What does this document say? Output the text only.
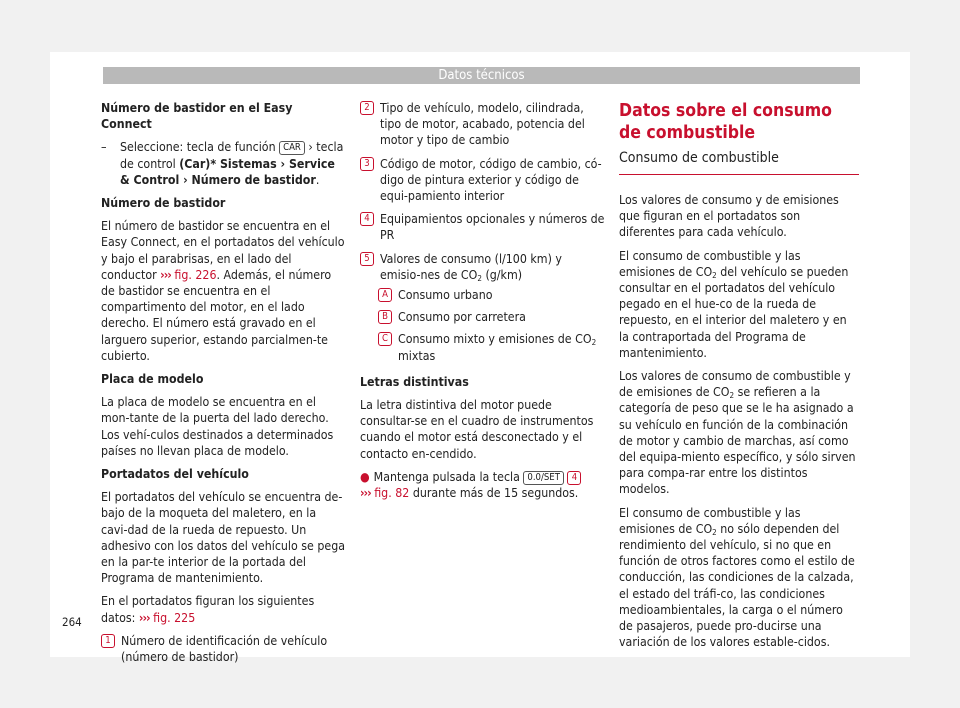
Datos técnicos

Número de bastidor en el Easy Connect

– Seleccione: tecla de función CAR › tecla de control (Car)* Sistemas › Service & Control › Número de bastidor.

Número de bastidor

El número de bastidor se encuentra en el Easy Connect, en el portadatos del vehículo y bajo el parabrisas, en el lado del conductor ››› fig. 226. Además, el número de bastidor se encuentra en el compartimento del motor, en el lado derecho. El número está gravado en el larguero superior, estando parcialmen-te cubierto.

Placa de modelo

La placa de modelo se encuentra en el mon-tante de la puerta del lado derecho. Los vehí-culos destinados a determinados países no llevan placa de modelo.

Portadatos del vehículo

El portadatos del vehículo se encuentra de-bajo de la moqueta del maletero, en la cavi-dad de la rueda de repuesto. Un adhesivo con los datos del vehículo se pega en la par-te interior de la portada del Programa de mantenimiento.

En el portadatos figuran los siguientes datos: ››› fig. 225

1 Número de identificación de vehículo (número de bastidor)
2 Tipo de vehículo, modelo, cilindrada, tipo de motor, acabado, potencia del motor y tipo de cambio
3 Código de motor, código de cambio, có-digo de pintura exterior y código de equi-pamiento interior
4 Equipamientos opcionales y números de PR
5 Valores de consumo (l/100 km) y emisio-nes de $CO_2$ (g/km)
A Consumo urbano
B Consumo por carretera
C Consumo mixto y emisiones de $CO_2$ mixtas

Letras distintivas

La letra distintiva del motor puede consultar-se en el cuadro de instrumentos cuando el motor está desconectado y el contacto en-cendido.

● Mantenga pulsada la tecla 0.0/SET 4
››› fig. 82 durante más de 15 segundos.

Datos sobre el consumo de combustible
Consumo de combustible

Los valores de consumo y de emisiones que figuran en el portadatos son diferentes para cada vehículo.

El consumo de combustible y las emisiones de $CO_2$ del vehículo se pueden consultar en el portadatos del vehículo pegado en el hue-co de la rueda de repuesto, en el interior del maletero y en la contraportada del Programa de mantenimiento.

Los valores de consumo de combustible y de emisiones de $CO_2$ se refieren a la categoría de peso que se le ha asignado a su vehículo en función de la combinación de motor y cambio de marchas, así como del equipa-miento específico, y sólo sirven para compa-rar entre los distintos modelos.

El consumo de combustible y las emisiones de $CO_2$ no sólo dependen del rendimiento del vehículo, si no que en función de otros factores como el estilo de conducción, las condiciones de la calzada, el estado del tráfi-co, las condiciones medioambientales, la carga o el número de pasajeros, puede pro-ducirse una variación de los valores estable-cidos.

264
